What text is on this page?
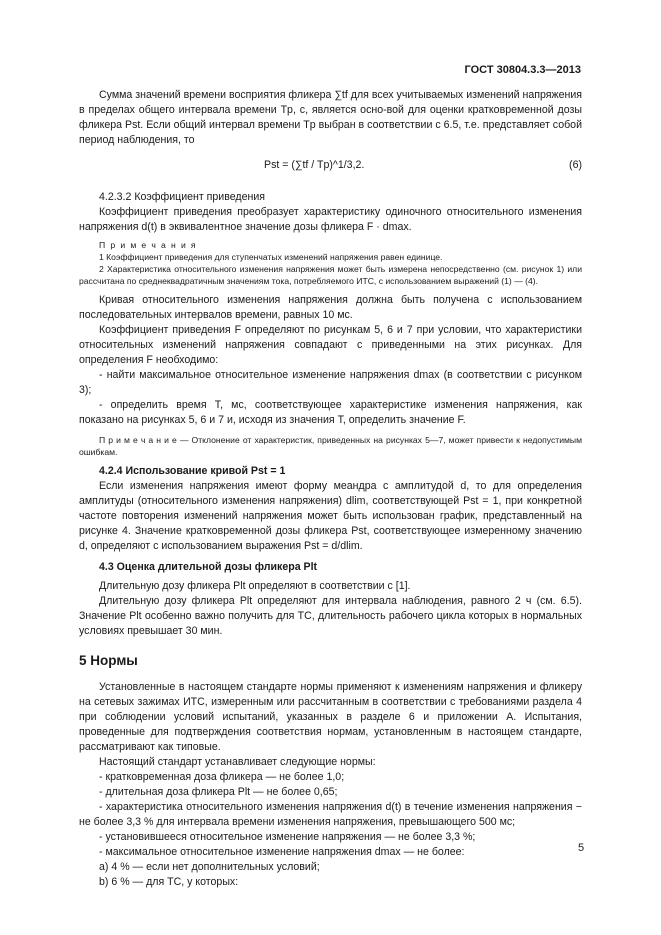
ГОСТ 30804.3.3—2013

Сумма значений времени восприятия фликера ∑tf для всех учитываемых изменений напряжения в пределах общего интервала времени Tp, с, является осно-вой для оценки кратковременной дозы фликера Pst. Если общий интервал времени Tp выбран в соответствии с 6.5, т.е. представляет собой период наблюдения, то

Pst = (∑tf / Tp)^1/3,2.	(6)

4.2.3.2 Коэффициент приведения

Коэффициент приведения преобразует характеристику одиночного относительного изменения напряжения d(t) в эквивалентное значение дозы фликера F · dmax.

П р и м е ч а н и я

1 Коэффициент приведения для ступенчатых изменений напряжения равен единице.

2 Характеристика относительного изменения напряжения может быть измерена непосредственно (см. рисунок 1) или рассчитана по среднеквадратичным значениям тока, потребляемого ИТС, с использованием выражений (1) — (4).

Кривая относительного изменения напряжения должна быть получена с использованием последовательных интервалов времени, равных 10 мс.

Коэффициент приведения F определяют по рисункам 5, 6 и 7 при условии, что характеристики относительных изменений напряжения совпадают с приведенными на этих рисунках. Для определения F необходимо:

- найти максимальное относительное изменение напряжения dmax (в соответствии с рисунком 3);

- определить время T, мс, соответствующее характеристике изменения напряжения, как показано на рисунках 5, 6 и 7 и, исходя из значения T, определить значение F.

П р и м е ч а н и е — Отклонение от характеристик, приведенных на рисунках 5—7, может привести к недопустимым ошибкам.

4.2.4 Использование кривой Pst = 1

Если изменения напряжения имеют форму меандра с амплитудой d, то для определения амплитуды (относительного изменения напряжения) dlim, соответствующей Pst = 1, при конкретной частоте повторения изменений напряжения может быть использован график, представленный на рисунке 4. Значение кратковременной дозы фликера Pst, соответствующее измеренному значению d, определяют с использованием выражения Pst = d/dlim.

4.3 Оценка длительной дозы фликера Plt

Длительную дозу фликера Plt определяют в соответствии с [1].

Длительную дозу фликера Plt определяют для интервала наблюдения, равного 2 ч (см. 6.5). Значение Plt особенно важно получить для ТС, длительность рабочего цикла которых в нормальных условиях превышает 30 мин.

5 Нормы

Установленные в настоящем стандарте нормы применяют к изменениям напряжения и фликеру на сетевых зажимах ИТС, измеренным или рассчитанным в соответствии с требованиями раздела 4 при соблюдении условий испытаний, указанных в разделе 6 и приложении А. Испытания, проведенные для подтверждения соответствия нормам, установленным в настоящем стандарте, рассматривают как типовые.

Настоящий стандарт устанавливает следующие нормы:

- кратковременная доза фликера — не более 1,0;

- длительная доза фликера Plt — не более 0,65;

- характеристика относительного изменения напряжения d(t) в течение изменения напряжения − не более 3,3 % для интервала времени изменения напряжения, превышающего 500 мс;

- установившееся относительное изменение напряжения — не более 3,3 %;

- максимальное относительное изменение напряжения dmax — не более:

a) 4 % — если нет дополнительных условий;

b) 6 % — для ТС, у которых:

5
